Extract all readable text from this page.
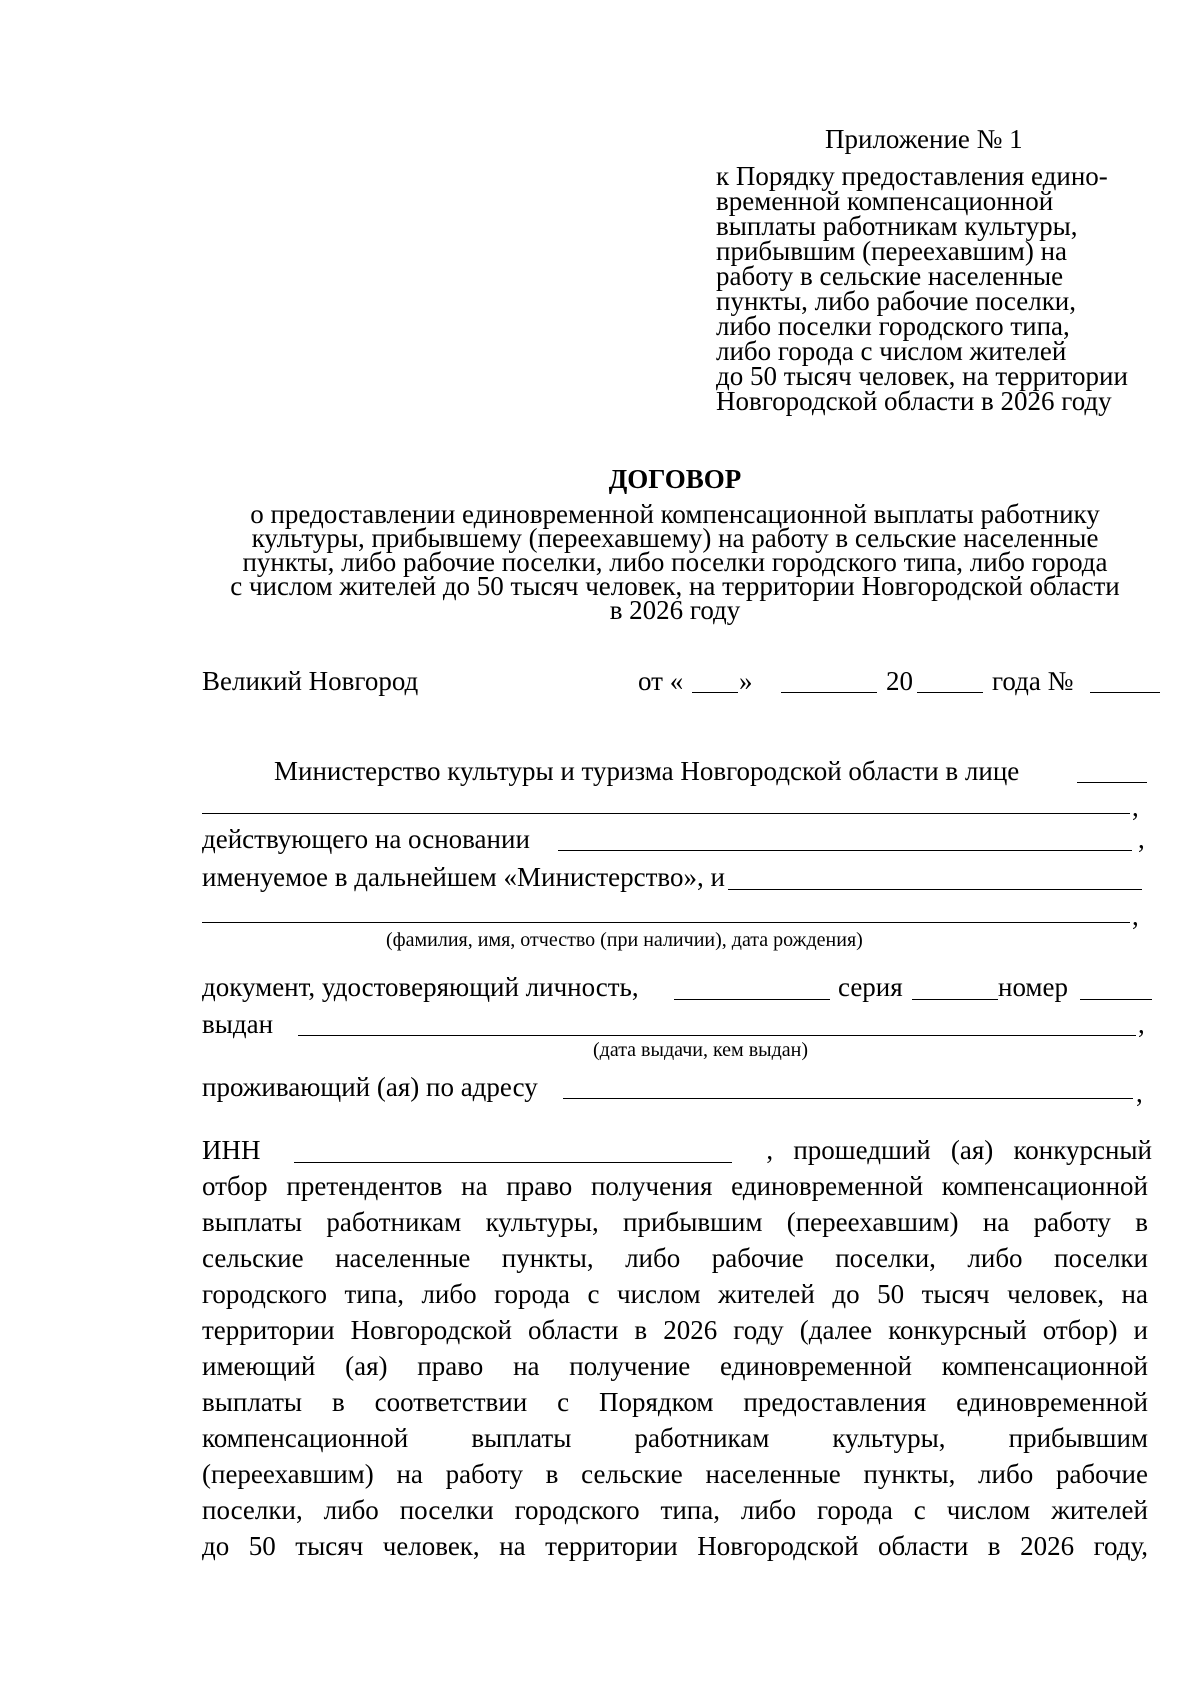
Приложение № 1
к Порядку предоставления едино-
временной компенсационной
выплаты работникам культуры,
прибывшим (переехавшим) на
работу в сельские населенные
пункты, либо рабочие поселки,
либо поселки городского типа,
либо города с числом жителей
до 50 тысяч человек, на территории
Новгородской области в 2026 году
ДОГОВОР
о предоставлении единовременной компенсационной выплаты работнику
культуры, прибывшему (переехавшему) на работу в сельские населенные
пункты, либо рабочие поселки, либо поселки городского типа, либо города
с числом жителей до 50 тысяч человек, на территории Новгородской области
в 2026 году
Великий Новгород	от « »	20	года №
Министерство культуры и туризма Новгородской области в лице
,
действующего на основании	,
именуемое в дальнейшем «Министерство», и
,
(фамилия, имя, отчество (при наличии), дата рождения)
документ, удостоверяющий личность,	серия	номер
выдан	,
(дата выдачи, кем выдан)
проживающий (ая) по адресу	,
ИНН	,   прошедший   (ая)   конкурсный
отбор претендентов на право получения единовременной компенсационной
выплаты работникам культуры, прибывшим (переехавшим) на работу в
сельские населенные пункты, либо рабочие поселки, либо поселки
городского типа, либо города с числом жителей до 50 тысяч человек, на
территории Новгородской области в 2026 году (далее конкурсный отбор) и
имеющий (ая) право на получение единовременной компенсационной
выплаты в соответствии с Порядком предоставления единовременной
компенсационной выплаты работникам культуры, прибывшим
(переехавшим) на работу в сельские населенные пункты, либо рабочие
поселки, либо поселки городского типа, либо города с числом жителей
до 50 тысяч человек, на территории Новгородской области в 2026 году,
